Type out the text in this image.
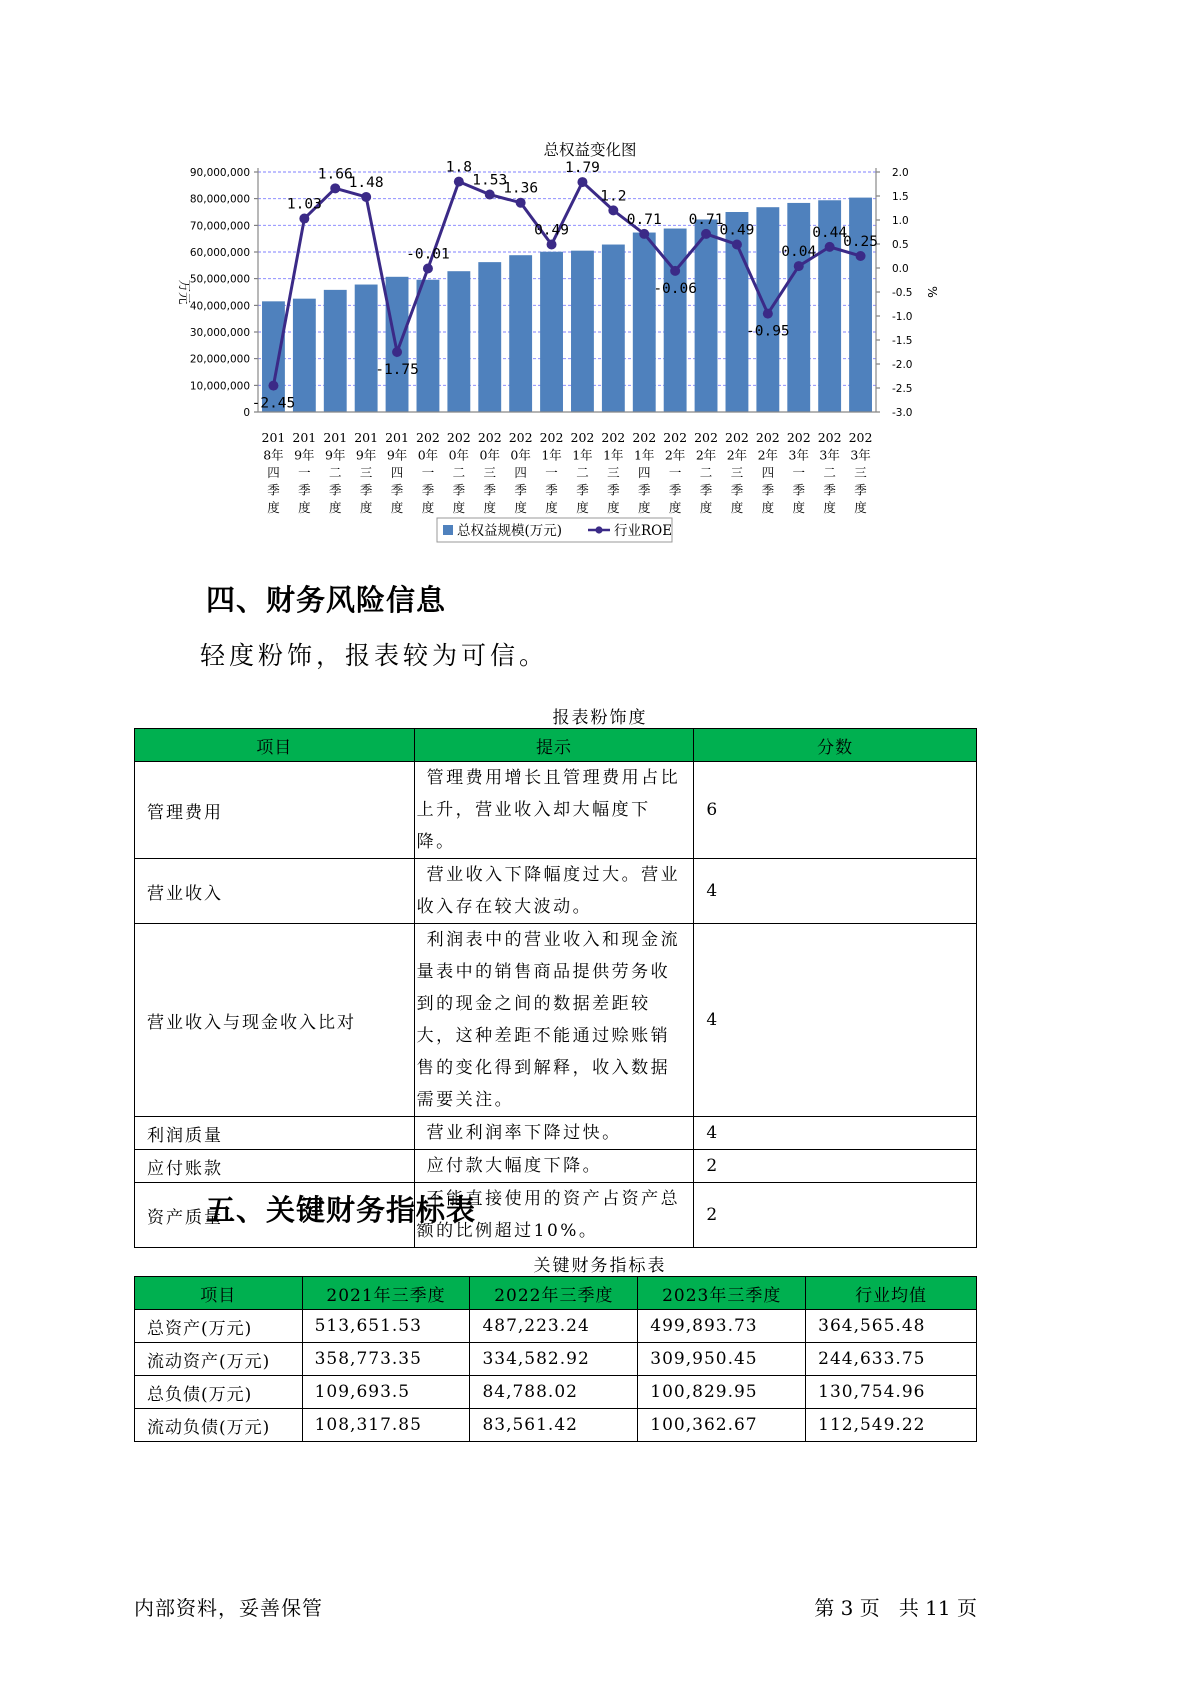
总权益变化图
0
10,000,000
20,000,000
30,000,000
40,000,000
50,000,000
60,000,000
70,000,000
80,000,000
90,000,000
-3.0
-2.5
-2.0
-1.5
-1.0
-0.5
0.0
0.5
1.0
1.5
2.0
万元	%
-2.45
1.03
1.66
1.48
-1.75
-0.01
1.8
1.53
1.36
0.49
1.79
1.2
0.71
-0.06
0.71
0.49
-0.95
0.04
0.44
0.25
201
8年
四
季
度
201
9年
一
季
度
201
9年
二
季
度
201
9年
三
季
度
201
9年
四
季
度
202
0年
一
季
度
202
0年
二
季
度
202
0年
三
季
度
202
0年
四
季
度
202
1年
一
季
度
202
1年
二
季
度
202
1年
三
季
度
202
1年
四
季
度
202
2年
一
季
度
202
2年
二
季
度
202
2年
三
季
度
202
2年
四
季
度
202
3年
一
季
度
202
3年
二
季
度
202
3年
三
季
度
总权益规模(万元)	行业ROE
四、财务风险信息
轻度粉饰，报表较为可信。
报表粉饰度
项目	提示	分数
管理费用	管理费用增长且管理费用占比上升，营业收入却大幅度下降。	6
营业收入	营业收入下降幅度过大。营业收入存在较大波动。	4
营业收入与现金收入比对	利润表中的营业收入和现金流量表中的销售商品提供劳务收到的现金之间的数据差距较大，这种差距不能通过赊账销售的变化得到解释，收入数据需要关注。	4
利润质量	营业利润率下降过快。	4
应付账款	应付款大幅度下降。	2
资产质量	不能直接使用的资产占资产总额的比例超过10%。	2
五、关键财务指标表
关键财务指标表
项目	2021年三季度	2022年三季度	2023年三季度	行业均值
总资产(万元)	513,651.53	487,223.24	499,893.73	364,565.48
流动资产(万元)	358,773.35	334,582.92	309,950.45	244,633.75
总负债(万元)	109,693.5	84,788.02	100,829.95	130,754.96
流动负债(万元)	108,317.85	83,561.42	100,362.67	112,549.22
内部资料，妥善保管	第 3 页   共 11 页
